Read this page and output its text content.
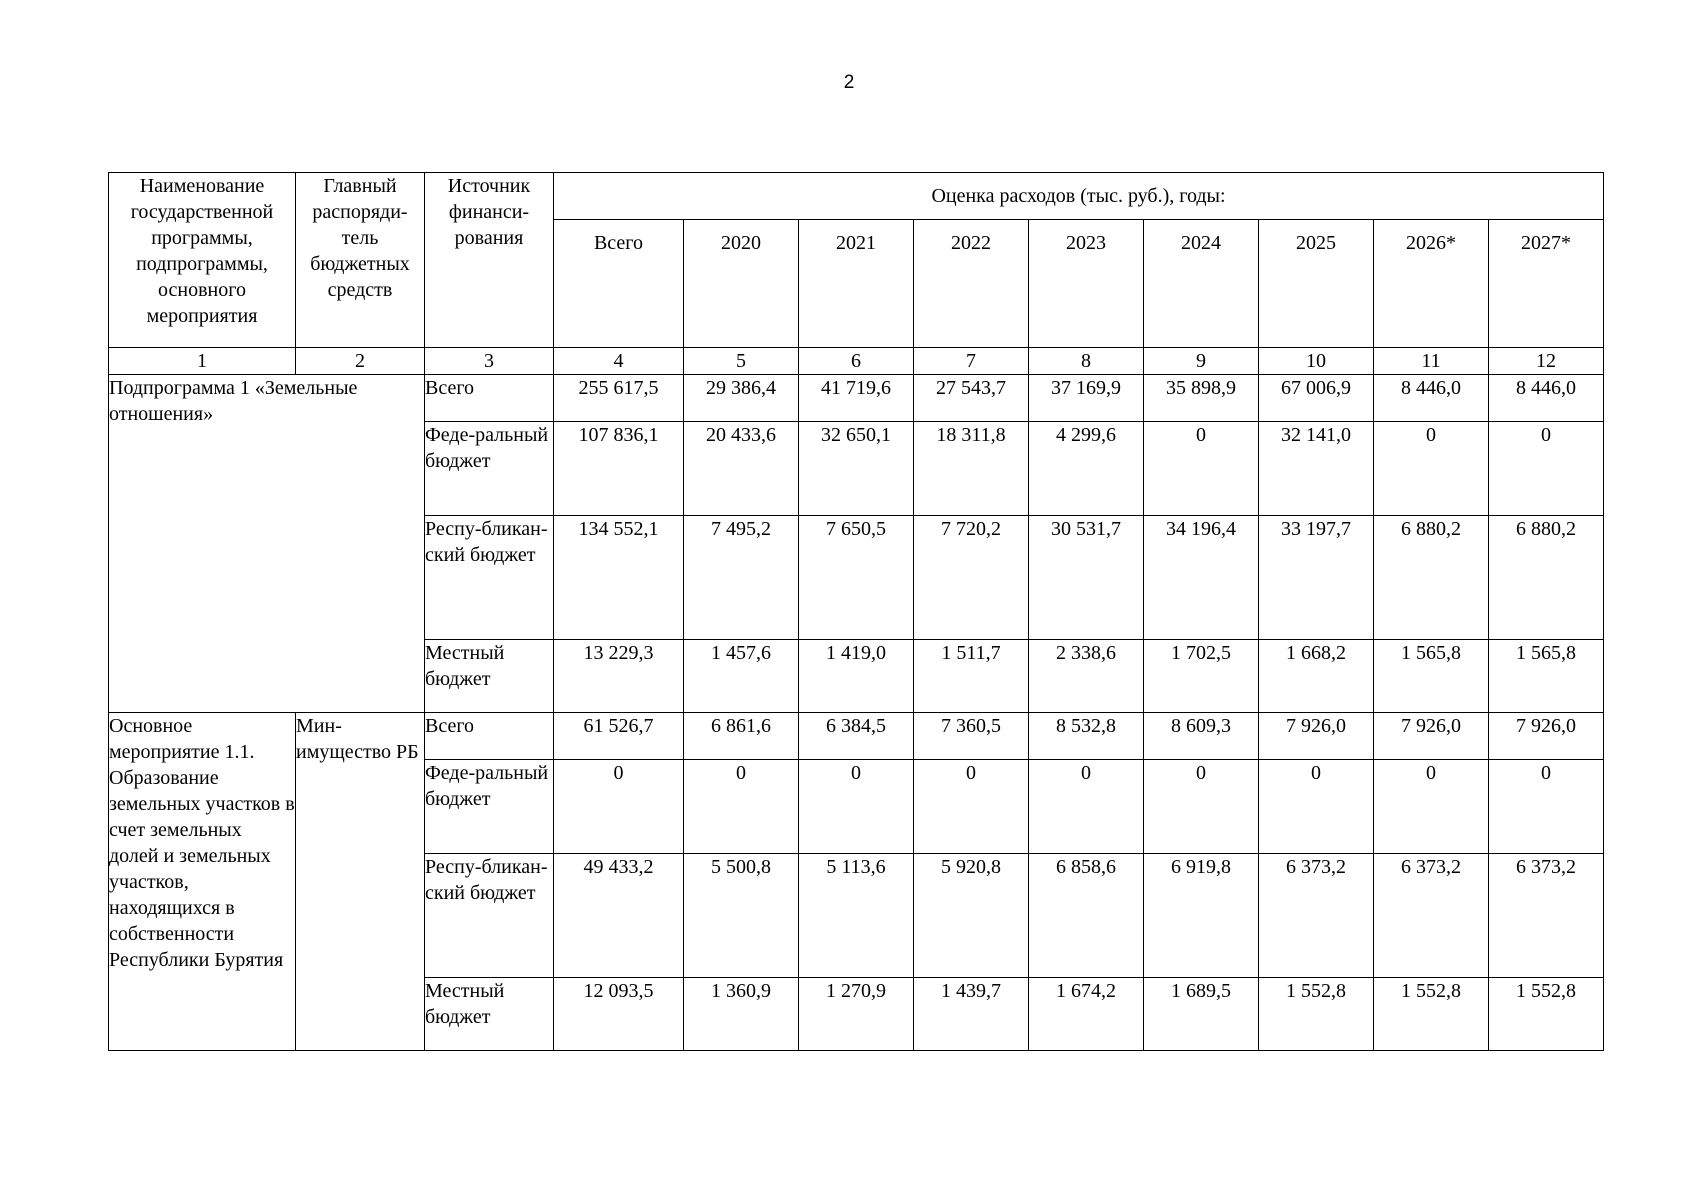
2
Наименование государственной программы, подпрограммы, основного мероприятия	Главный распоряди-тель бюджетных средств	Источник финанси-рования	Оценка расходов (тыс. руб.), годы:								
			Всего	2020	2021	2022	2023	2024	2025	2026*	2027*
1	2	3	4	5	6	7	8	9	10	11	12
Подпрограмма 1 «Земельные отношения»		Всего	255 617,5	29 386,4	41 719,6	27 543,7	37 169,9	35 898,9	67 006,9	8 446,0	8 446,0
		Феде-ральный бюджет	107 836,1	20 433,6	32 650,1	18 311,8	4 299,6	0	32 141,0	0	0
		Респу-бликан-ский бюджет	134 552,1	7 495,2	7 650,5	7 720,2	30 531,7	34 196,4	33 197,7	6 880,2	6 880,2
		Местный бюджет	13 229,3	1 457,6	1 419,0	1 511,7	2 338,6	1 702,5	1 668,2	1 565,8	1 565,8
Основное мероприятие 1.1. Образование земельных участков в счет земельных долей и земельных участков, находящихся в собственности Республики Бурятия	Мин-имущество РБ	Всего	61 526,7	6 861,6	6 384,5	7 360,5	8 532,8	8 609,3	7 926,0	7 926,0	7 926,0
		Феде-ральный бюджет	0	0	0	0	0	0	0	0	0
		Респу-бликан-ский бюджет	49 433,2	5 500,8	5 113,6	5 920,8	6 858,6	6 919,8	6 373,2	6 373,2	6 373,2
		Местный бюджет	12 093,5	1 360,9	1 270,9	1 439,7	1 674,2	1 689,5	1 552,8	1 552,8	1 552,8
